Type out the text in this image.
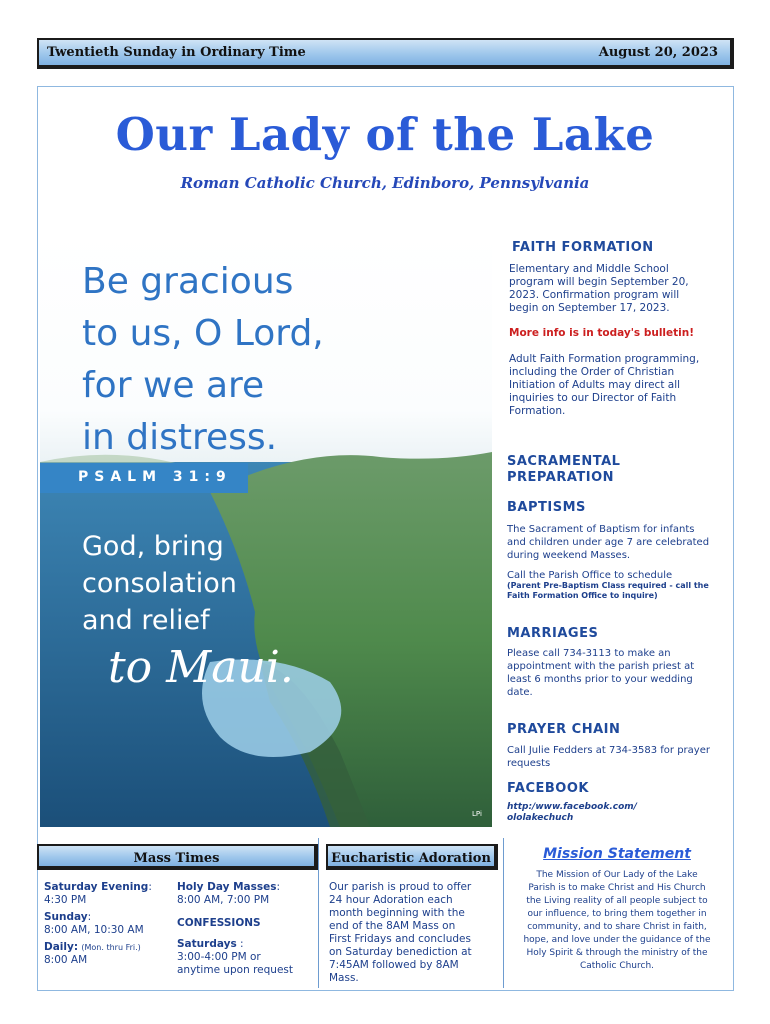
Twentieth Sunday in Ordinary Time	August 20, 2023
Our Lady of the Lake
Roman Catholic Church, Edinboro, Pennsylvania
Be gracious
to us, O Lord,
for we are
in distress.
PSALM 31:9
God, bring
consolation
and relief
to Maui.
LPi
FAITH FORMATION
Elementary and Middle School
program will begin September 20,
2023. Confirmation program will
begin on September 17, 2023.
More info is in today's bulletin!
Adult Faith Formation programming,
including the Order of Christian
Initiation of Adults may direct all
inquiries to our Director of Faith
Formation.
SACRAMENTAL
PREPARATION
BAPTISMS
The Sacrament of Baptism for infants
and children under age 7 are celebrated
during weekend Masses.
Call the Parish Office to schedule
(Parent Pre-Baptism Class required - call the
Faith Formation Office to inquire)
MARRIAGES
Please call 734-3113 to make an
appointment with the parish priest at
least 6 months prior to your wedding
date.
PRAYER CHAIN
Call Julie Fedders at 734-3583 for prayer
requests
FACEBOOK
http:/www.facebook.com/
ololakechuch
Mass Times	Eucharistic Adoration
Saturday Evening:
4:30 PM
Sunday:
8:00 AM, 10:30 AM
Daily: (Mon. thru Fri.)
8:00 AM
Holy Day Masses:
8:00 AM, 7:00 PM
CONFESSIONS
Saturdays :
3:00-4:00 PM or
anytime upon request
Our parish is proud to offer
24 hour Adoration each
month beginning with the
end of the 8AM Mass on
First Fridays and concludes
on Saturday benediction at
7:45AM followed by 8AM
Mass.
Mission Statement
The Mission of Our Lady of the Lake
Parish is to make Christ and His Church
the Living reality of all people subject to
our influence, to bring them together in
community, and to share Christ in faith,
hope, and love under the guidance of the
Holy Spirit & through the ministry of the
Catholic Church.
